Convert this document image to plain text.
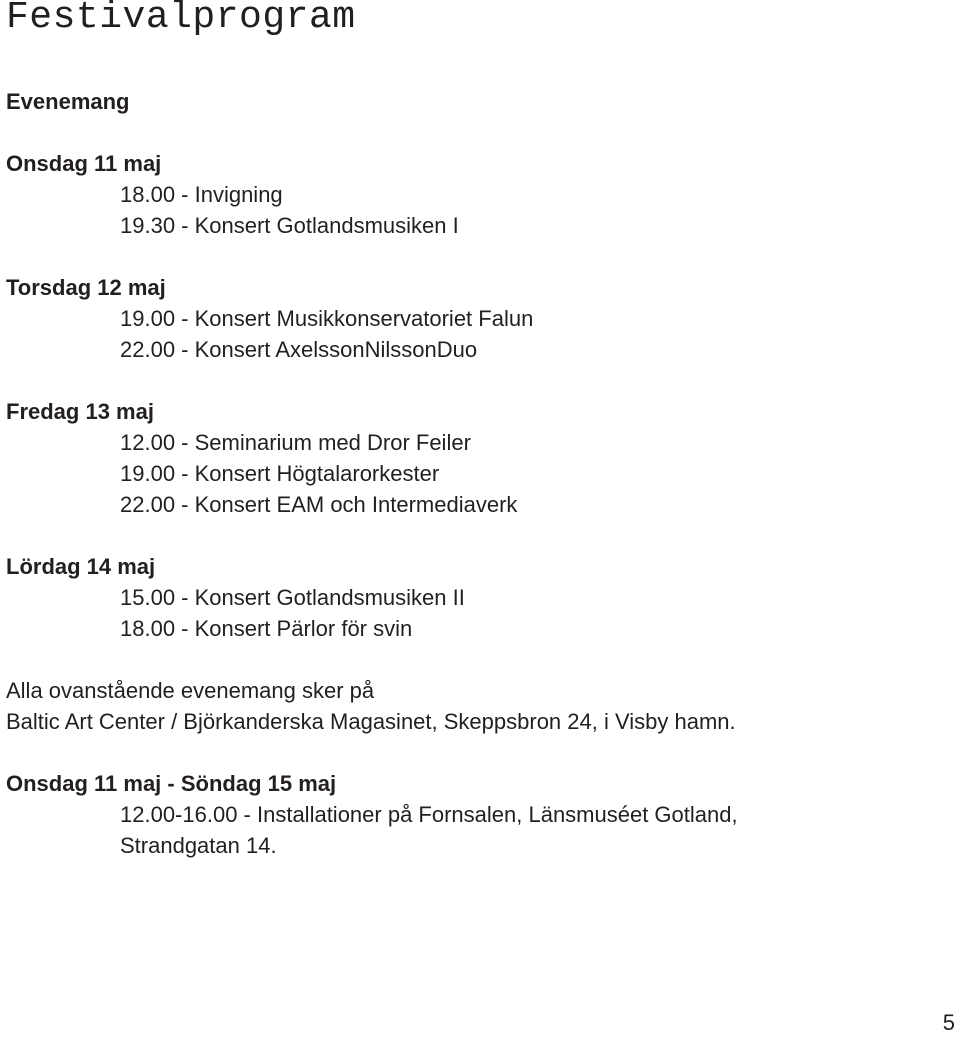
Festivalprogram
Evenemang
Onsdag 11 maj
18.00 - Invigning
19.30 - Konsert Gotlandsmusiken I
Torsdag 12 maj
19.00 - Konsert Musikkonservatoriet Falun
22.00 - Konsert AxelssonNilssonDuo
Fredag 13 maj
12.00 - Seminarium med Dror Feiler
19.00 - Konsert Högtalarorkester
22.00 - Konsert EAM och Intermediaverk
Lördag 14 maj
15.00 - Konsert Gotlandsmusiken II
18.00 - Konsert Pärlor för svin
Alla ovanstående evenemang sker på
Baltic Art Center / Björkanderska Magasinet, Skeppsbron 24, i Visby hamn.
Onsdag 11 maj - Söndag 15 maj
12.00-16.00 - Installationer på Fornsalen, Länsmuséet Gotland,
Strandgatan 14.
5
